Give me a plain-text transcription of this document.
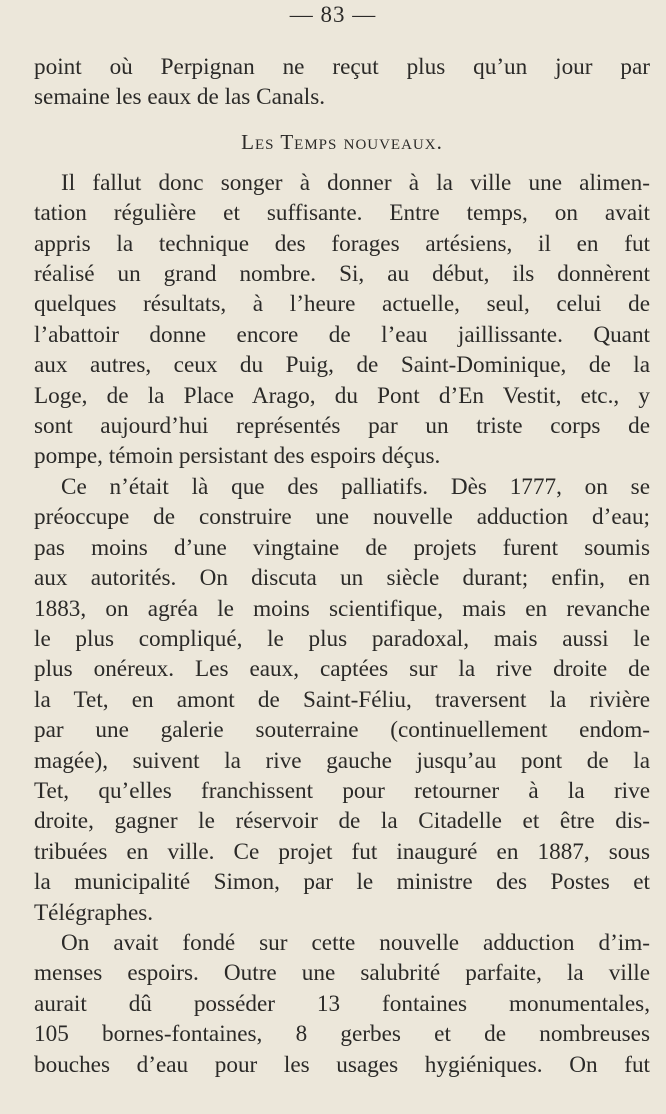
— 83 —
point où Perpignan ne reçut plus qu’un jour par
semaine les eaux de las Canals.
Les Temps nouveaux.
Il fallut donc songer à donner à la ville une alimen-
tation régulière et suffisante. Entre temps, on avait
appris la technique des forages artésiens, il en fut
réalisé un grand nombre. Si, au début, ils donnèrent
quelques résultats, à l’heure actuelle, seul, celui de
l’abattoir donne encore de l’eau jaillissante. Quant
aux autres, ceux du Puig, de Saint-Dominique, de la
Loge, de la Place Arago, du Pont d’En Vestit, etc., y
sont aujourd’hui représentés par un triste corps de
pompe, témoin persistant des espoirs déçus.
Ce n’était là que des palliatifs. Dès 1777, on se
préoccupe de construire une nouvelle adduction d’eau;
pas moins d’une vingtaine de projets furent soumis
aux autorités. On discuta un siècle durant; enfin, en
1883, on agréa le moins scientifique, mais en revanche
le plus compliqué, le plus paradoxal, mais aussi le
plus onéreux. Les eaux, captées sur la rive droite de
la Tet, en amont de Saint-Féliu, traversent la rivière
par une galerie souterraine (continuellement endom-
magée), suivent la rive gauche jusqu’au pont de la
Tet, qu’elles franchissent pour retourner à la rive
droite, gagner le réservoir de la Citadelle et être dis-
tribuées en ville. Ce projet fut inauguré en 1887, sous
la municipalité Simon, par le ministre des Postes et
Télégraphes.
On avait fondé sur cette nouvelle adduction d’im-
menses espoirs. Outre une salubrité parfaite, la ville
aurait dû posséder 13 fontaines monumentales,
105 bornes-fontaines, 8 gerbes et de nombreuses
bouches d’eau pour les usages hygiéniques. On fut
